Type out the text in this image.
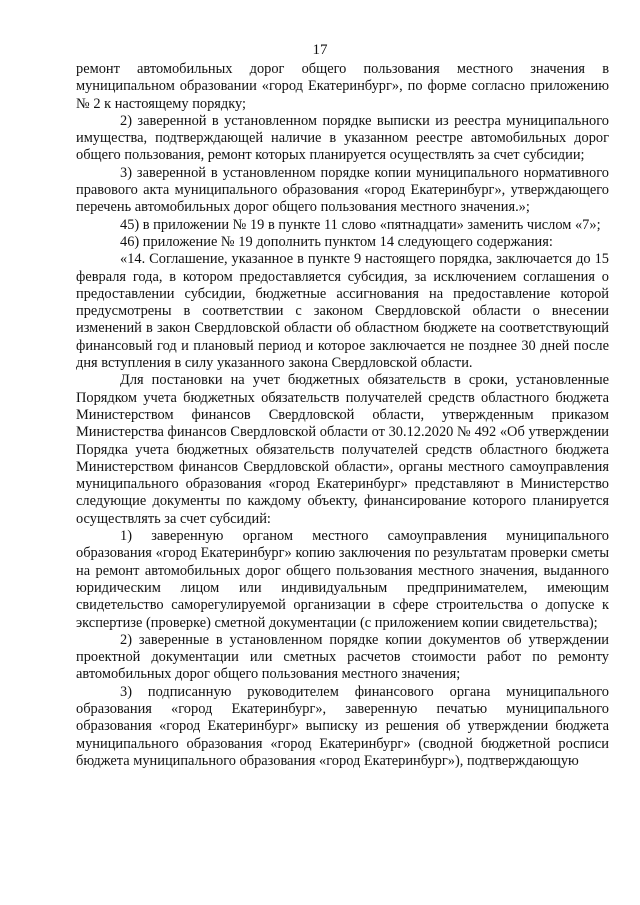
17

ремонт автомобильных дорог общего пользования местного значения в муниципальном образовании «город Екатеринбург», по форме согласно приложению № 2 к настоящему порядку;

2) заверенной в установленном порядке выписки из реестра муниципального имущества, подтверждающей наличие в указанном реестре автомобильных дорог общего пользования, ремонт которых планируется осуществлять за счет субсидии;

3) заверенной в установленном порядке копии муниципального нормативного правового акта муниципального образования «город Екатеринбург», утверждающего перечень автомобильных дорог общего пользования местного значения.»;

45) в приложении № 19 в пункте 11 слово «пятнадцати» заменить числом «7»;

46) приложение № 19 дополнить пунктом 14 следующего содержания:

«14. Соглашение, указанное в пункте 9 настоящего порядка, заключается до 15 февраля года, в котором предоставляется субсидия, за исключением соглашения о предоставлении субсидии, бюджетные ассигнования на предоставление которой предусмотрены в соответствии с законом Свердловской области о внесении изменений в закон Свердловской области об областном бюджете на соответствующий финансовый год и плановый период и которое заключается не позднее 30 дней после дня вступления в силу указанного закона Свердловской области.

Для постановки на учет бюджетных обязательств в сроки, установленные Порядком учета бюджетных обязательств получателей средств областного бюджета Министерством финансов Свердловской области, утвержденным приказом Министерства финансов Свердловской области от 30.12.2020 № 492 «Об утверждении Порядка учета бюджетных обязательств получателей средств областного бюджета Министерством финансов Свердловской области», органы местного самоуправления муниципального образования «город Екатеринбург» представляют в Министерство следующие документы по каждому объекту, финансирование которого планируется осуществлять за счет субсидий:

1) заверенную органом местного самоуправления муниципального образования «город Екатеринбург» копию заключения по результатам проверки сметы на ремонт автомобильных дорог общего пользования местного значения, выданного юридическим лицом или индивидуальным предпринимателем, имеющим свидетельство саморегулируемой организации в сфере строительства о допуске к экспертизе (проверке) сметной документации (с приложением копии свидетельства);

2) заверенные в установленном порядке копии документов об утверждении проектной документации или сметных расчетов стоимости работ по ремонту автомобильных дорог общего пользования местного значения;

3) подписанную руководителем финансового органа муниципального образования «город Екатеринбург», заверенную печатью муниципального образования «город Екатеринбург» выписку из решения об утверждении бюджета муниципального образования «город Екатеринбург» (сводной бюджетной росписи бюджета муниципального образования «город Екатеринбург»), подтверждающую
